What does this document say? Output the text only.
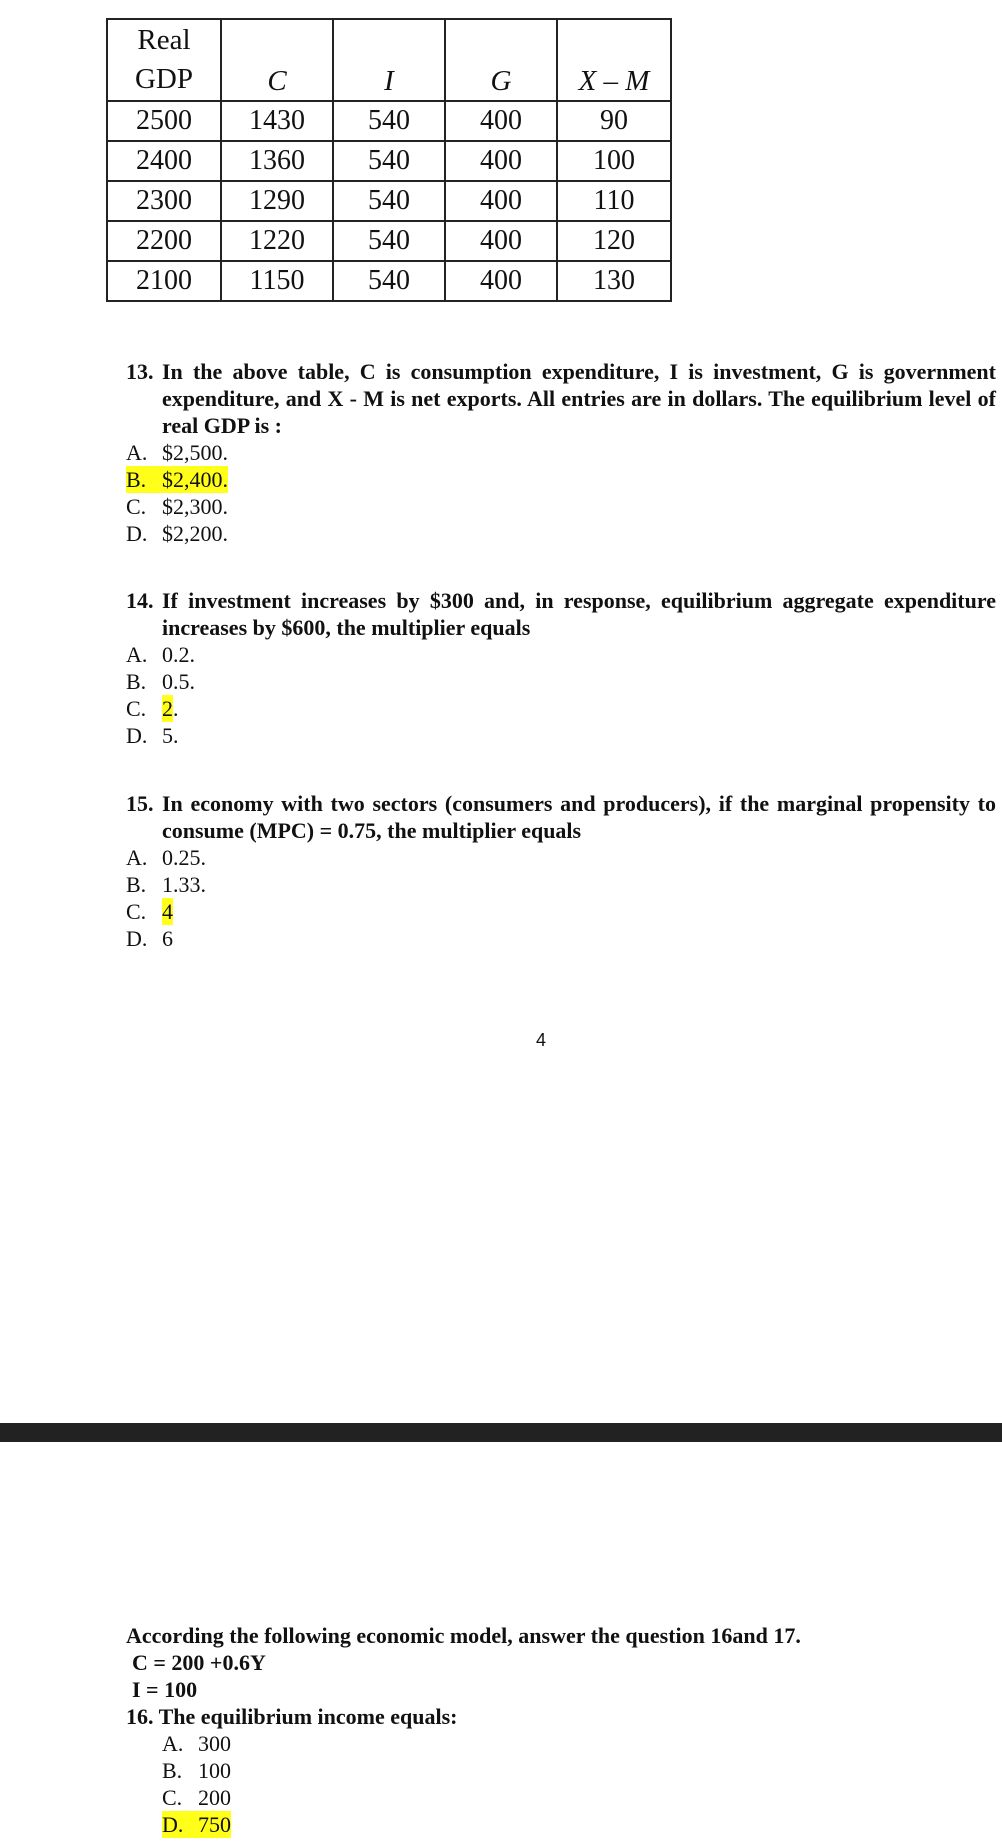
Real
GDP	C	I	G	X – M
2500	1430	540	400	90
2400	1360	540	400	100
2300	1290	540	400	110
2200	1220	540	400	120
2100	1150	540	400	130
13. In the above table, C is consumption expenditure, I is investment, G is government expenditure, and X - M is net exports. All entries are in dollars. The equilibrium level of real GDP is :
A. $2,500.
B. $2,400.
C. $2,300.
D. $2,200.
14. If investment increases by $300 and, in response, equilibrium aggregate expenditure increases by $600, the multiplier equals
A. 0.2.
B. 0.5.
C. 2 .
D. 5.
15. In economy with two sectors (consumers and producers), if the marginal propensity to consume (MPC) = 0.75, the multiplier equals
A. 0.25.
B. 1.33.
C. 4
D. 6
4
According the following economic model, answer the question 16and 17.
C = 200 +0.6Y
I = 100
16. The equilibrium income equals:
A. 300
B. 100
C. 200
D. 750
